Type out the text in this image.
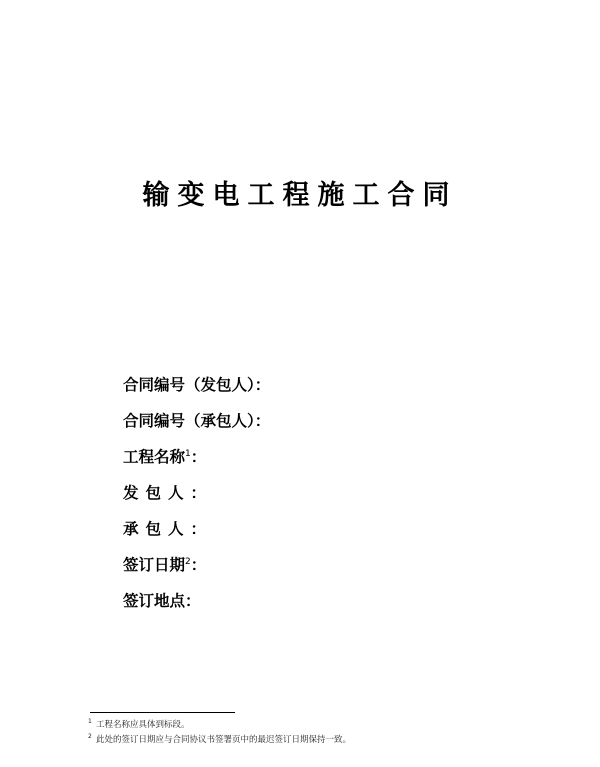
输变电工程施工合同
合同编号（发包人）：
合同编号（承包人）：
工程名称$^1$：
发包人：
承包人：
签订日期$^2$：
签订地点：
1 工程名称应具体到标段。
2 此处的签订日期应与合同协议书签署页中的最迟签订日期保持一致。
